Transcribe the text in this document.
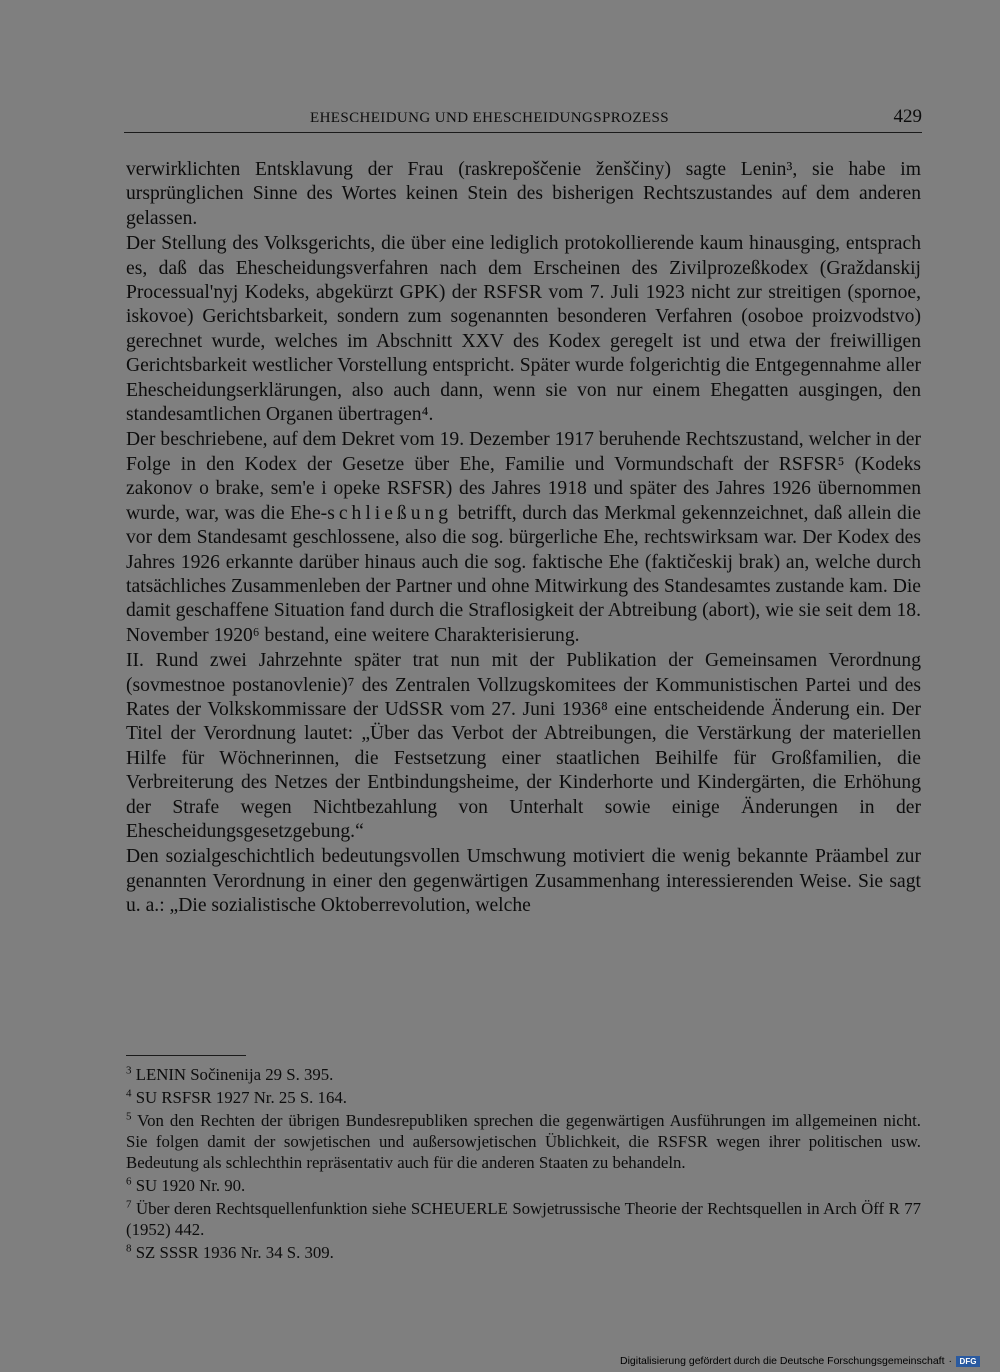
EHESCHEIDUNG UND EHESCHEIDUNGSPROZESS	429

verwirklichten Entsklavung der Frau (raskrepoščenie ženščiny) sagte Lenin³, sie habe im ursprünglichen Sinne des Wortes keinen Stein des bisherigen Rechtszustandes auf dem anderen gelassen.

Der Stellung des Volksgerichts, die über eine lediglich protokollierende kaum hinausging, entsprach es, daß das Ehescheidungsverfahren nach dem Erscheinen des Zivilprozeßkodex (Graždanskij Processual'nyj Kodeks, abgekürzt GPK) der RSFSR vom 7. Juli 1923 nicht zur streitigen (spornoe, iskovoe) Gerichtsbarkeit, sondern zum sogenannten besonderen Verfahren (osoboe proizvodstvo) gerechnet wurde, welches im Abschnitt XXV des Kodex geregelt ist und etwa der freiwilligen Gerichtsbarkeit westlicher Vorstellung entspricht. Später wurde folgerichtig die Entgegennahme aller Ehescheidungserklärungen, also auch dann, wenn sie von nur einem Ehegatten ausgingen, den standesamtlichen Organen übertragen⁴.

Der beschriebene, auf dem Dekret vom 19. Dezember 1917 beruhende Rechtszustand, welcher in der Folge in den Kodex der Gesetze über Ehe, Familie und Vormundschaft der RSFSR⁵ (Kodeks zakonov o brake, sem'e i opeke RSFSR) des Jahres 1918 und später des Jahres 1926 übernommen wurde, war, was die Ehe-schließung betrifft, durch das Merkmal gekennzeichnet, daß allein die vor dem Standesamt geschlossene, also die sog. bürgerliche Ehe, rechtswirksam war. Der Kodex des Jahres 1926 erkannte darüber hinaus auch die sog. faktische Ehe (faktičeskij brak) an, welche durch tatsächliches Zusammenleben der Partner und ohne Mitwirkung des Standesamtes zustande kam. Die damit geschaffene Situation fand durch die Straflosigkeit der Abtreibung (abort), wie sie seit dem 18. November 1920⁶ bestand, eine weitere Charakterisierung.

II. Rund zwei Jahrzehnte später trat nun mit der Publikation der Gemeinsamen Verordnung (sovmestnoe postanovlenie)⁷ des Zentralen Vollzugskomitees der Kommunistischen Partei und des Rates der Volkskommissare der UdSSR vom 27. Juni 1936⁸ eine entscheidende Änderung ein. Der Titel der Verordnung lautet: „Über das Verbot der Abtreibungen, die Verstärkung der materiellen Hilfe für Wöchnerinnen, die Festsetzung einer staatlichen Beihilfe für Großfamilien, die Verbreiterung des Netzes der Entbindungsheime, der Kinderhorte und Kindergärten, die Erhöhung der Strafe wegen Nichtbezahlung von Unterhalt sowie einige Änderungen in der Ehescheidungsgesetzgebung.“

Den sozialgeschichtlich bedeutungsvollen Umschwung motiviert die wenig bekannte Präambel zur genannten Verordnung in einer den gegenwärtigen Zusammenhang interessierenden Weise. Sie sagt u. a.: „Die sozialistische Oktoberrevolution, welche

$^3$ LENIN Sočinenija 29 S. 395.

$^4$ SU RSFSR 1927 Nr. 25 S. 164.

$^5$ Von den Rechten der übrigen Bundesrepubliken sprechen die gegenwärtigen Ausführungen im allgemeinen nicht. Sie folgen damit der sowjetischen und außersowjetischen Üblichkeit, die RSFSR wegen ihrer politischen usw. Bedeutung als schlechthin repräsentativ auch für die anderen Staaten zu behandeln.

$^6$ SU 1920 Nr. 90.

$^7$ Über deren Rechtsquellenfunktion siehe SCHEUERLE Sowjetrussische Theorie der Rechtsquellen in Arch Öff R 77 (1952) 442.

$^8$ SZ SSSR 1936 Nr. 34 S. 309.

Digitalisierung gefördert durch die Deutsche Forschungsgemeinschaft · DFG
